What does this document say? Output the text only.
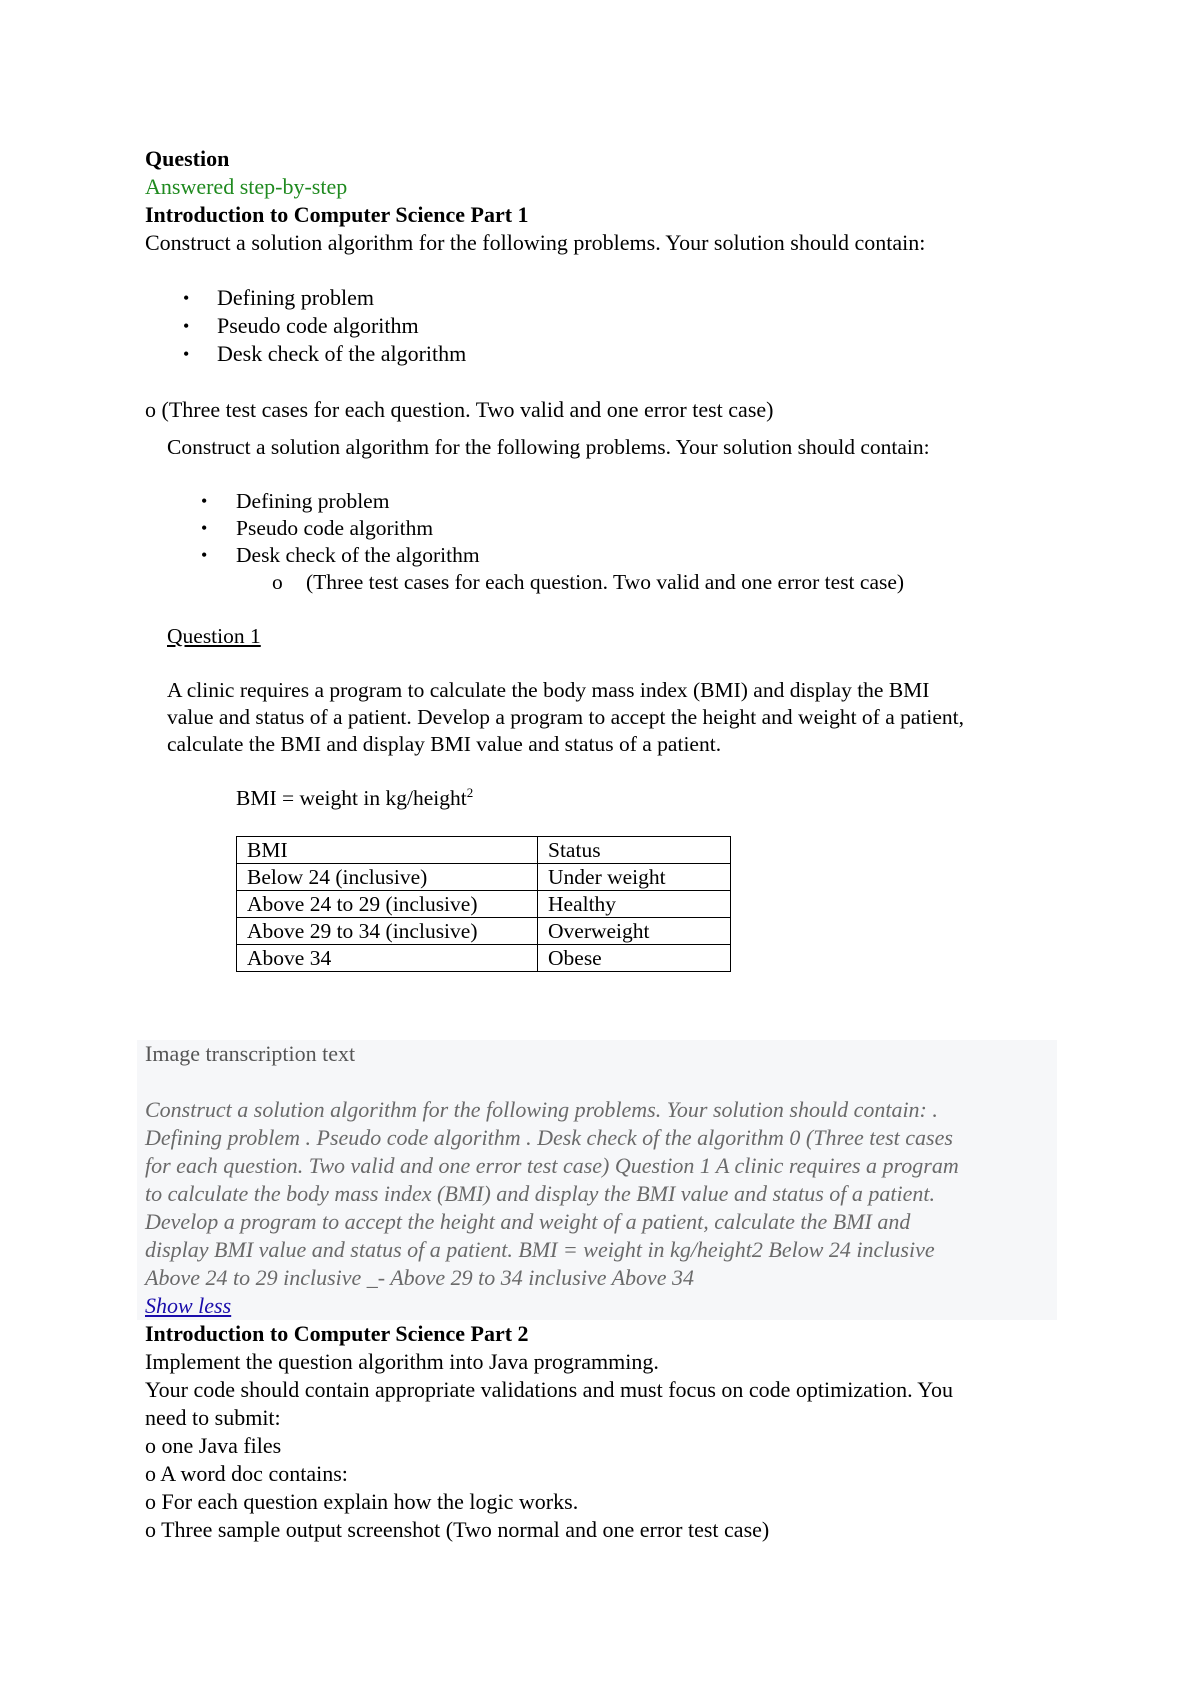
Question
Answered step-by-step
Introduction to Computer Science Part 1
Construct a solution algorithm for the following problems. Your solution should contain:
• Defining problem
• Pseudo code algorithm
• Desk check of the algorithm
o (Three test cases for each question. Two valid and one error test case)
Construct a solution algorithm for the following problems. Your solution should contain:
• Defining problem
• Pseudo code algorithm
• Desk check of the algorithm
o (Three test cases for each question. Two valid and one error test case)
Question 1
A clinic requires a program to calculate the body mass index (BMI) and display the BMI
value and status of a patient. Develop a program to accept the height and weight of a patient,
calculate the BMI and display BMI value and status of a patient.
BMI = weight in kg/height$^2$
BMI	Status
Below 24 (inclusive)	Under weight
Above 24 to 29 (inclusive)	Healthy
Above 29 to 34 (inclusive)	Overweight
Above 34	Obese
Image transcription text
Construct a solution algorithm for the following problems. Your solution should contain: .
Defining problem . Pseudo code algorithm . Desk check of the algorithm 0 (Three test cases
for each question. Two valid and one error test case) Question 1 A clinic requires a program
to calculate the body mass index (BMI) and display the BMI value and status of a patient.
Develop a program to accept the height and weight of a patient, calculate the BMI and
display BMI value and status of a patient. BMI = weight in kg/height2 Below 24 inclusive
Above 24 to 29 inclusive _- Above 29 to 34 inclusive Above 34
Show less
Introduction to Computer Science Part 2
Implement the question algorithm into Java programming.
Your code should contain appropriate validations and must focus on code optimization. You
need to submit:
o one Java files
o A word doc contains:
o For each question explain how the logic works.
o Three sample output screenshot (Two normal and one error test case)
